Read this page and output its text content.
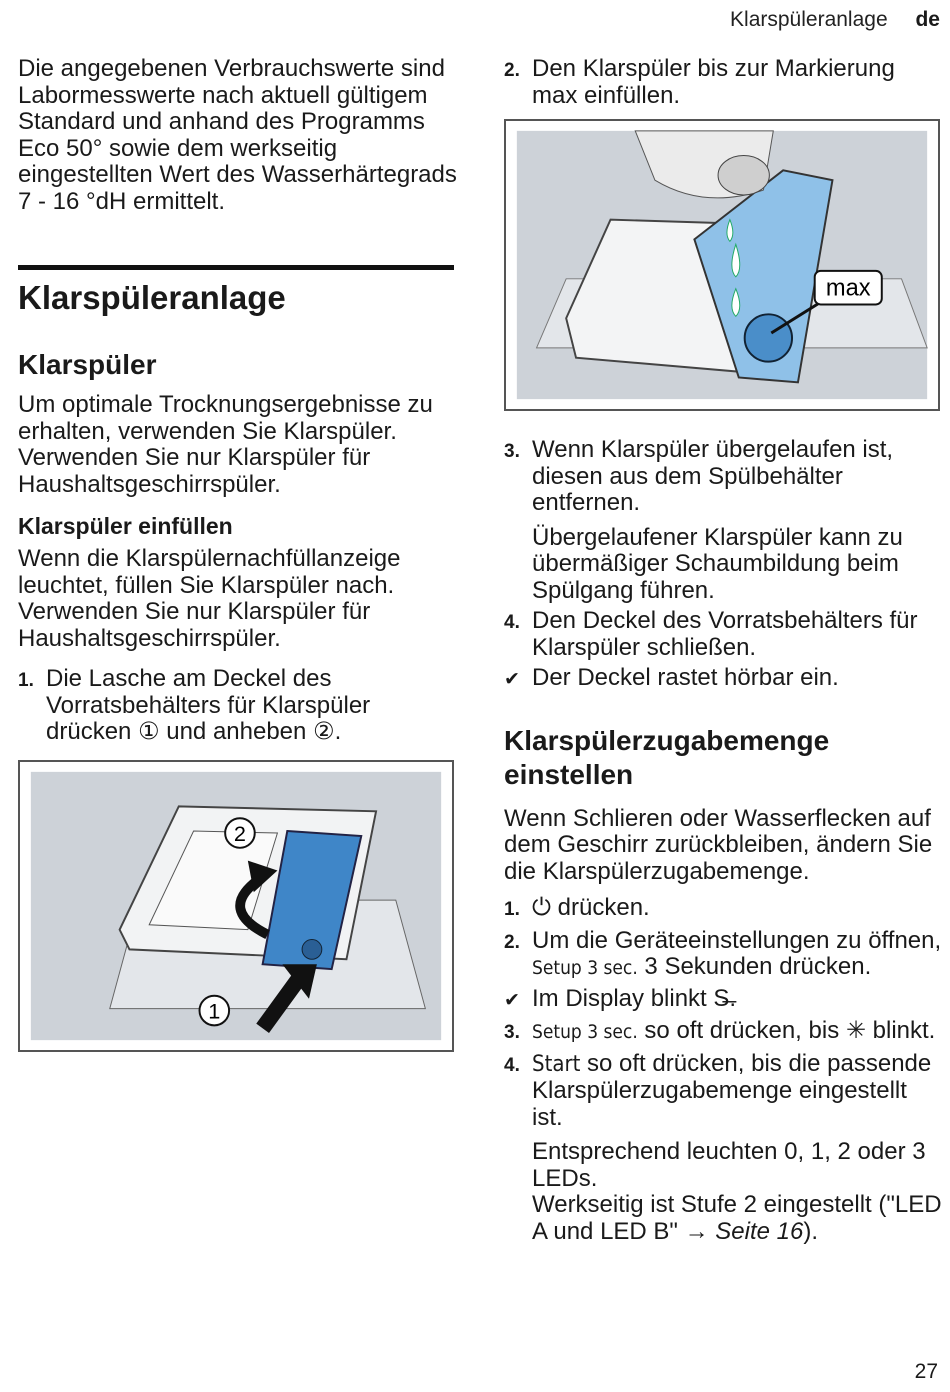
Klarspüleranlage de

Die angegebenen Verbrauchswerte sind Labormesswerte nach aktuell gültigem Standard und anhand des Programms Eco 50° sowie dem werkseitig eingestellten Wert des Wasserhärtegrads 7 - 16 °dH ermittelt.

Klarspüleranlage
Klarspüler

Um optimale Trocknungsergebnisse zu erhalten, verwenden Sie Klarspüler.

Verwenden Sie nur Klarspüler für Haushaltsgeschirrspüler.

Klarspüler einfüllen

Wenn die Klarspülernachfüllanzeige leuchtet, füllen Sie Klarspüler nach.

Verwenden Sie nur Klarspüler für Haushaltsgeschirrspüler.

1. Die Lasche am Deckel des Vorratsbehälters für Klarspüler drücken ① und anheben ②.
2
1
2. Den Klarspüler bis zur Markierung max einfüllen.
max
3. Wenn Klarspüler übergelaufen ist, diesen aus dem Spülbehälter entfernen.

Übergelaufener Klarspüler kann zu übermäßiger Schaumbildung beim Spülgang führen.

4. Den Deckel des Vorratsbehälters für Klarspüler schließen.
✔ Der Deckel rastet hörbar ein.
Klarspülerzugabemenge einstellen

Wenn Schlieren oder Wasserflecken auf dem Geschirr zurückbleiben, ändern Sie die Klarspülerzugabemenge.

1. ⏻ drücken.
2. Um die Geräteeinstellungen zu öffnen, Setup 3 sec. 3 Sekunden drücken.
✔ Im Display blinkt S̶.
3. Setup 3 sec. so oft drücken, bis ✳ blinkt.
4. Start so oft drücken, bis die passende Klarspülerzugabemenge eingestellt ist.

Entsprechend leuchten 0, 1, 2 oder 3 LEDs.

Werkseitig ist Stufe 2 eingestellt ("LED A und LED B" → Seite 16).

27
